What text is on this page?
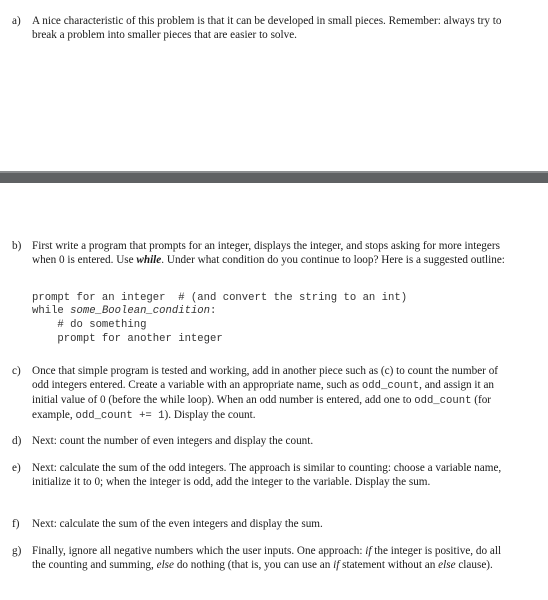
a)	A nice characteristic of this problem is that it can be developed in small pieces. Remember: always try to break a problem into smaller pieces that are easier to solve.
b) First write a program that prompts for an integer, displays the integer, and stops asking for more integers when 0 is entered. Use while. Under what condition do you continue to loop? Here is a suggested outline:
prompt for an integer  # (and convert the string to an int)
while some_Boolean_condition:
# do something
prompt for another integer
c)	Once that simple program is tested and working, add in another piece such as (c) to count the number of odd integers entered. Create a variable with an appropriate name, such as odd_count, and assign it an initial value of 0 (before the while loop). When an odd number is entered, add one to odd_count (for example, odd_count += 1). Display the count.
d) Next: count the number of even integers and display the count.
e)	Next: calculate the sum of the odd integers. The approach is similar to counting: choose a variable name, initialize it to 0; when the integer is odd, add the integer to the variable. Display the sum.
f)	Next: calculate the sum of the even integers and display the sum.
g) Finally, ignore all negative numbers which the user inputs. One approach: if the integer is positive, do all the counting and summing, else do nothing (that is, you can use an if statement without an else clause).
